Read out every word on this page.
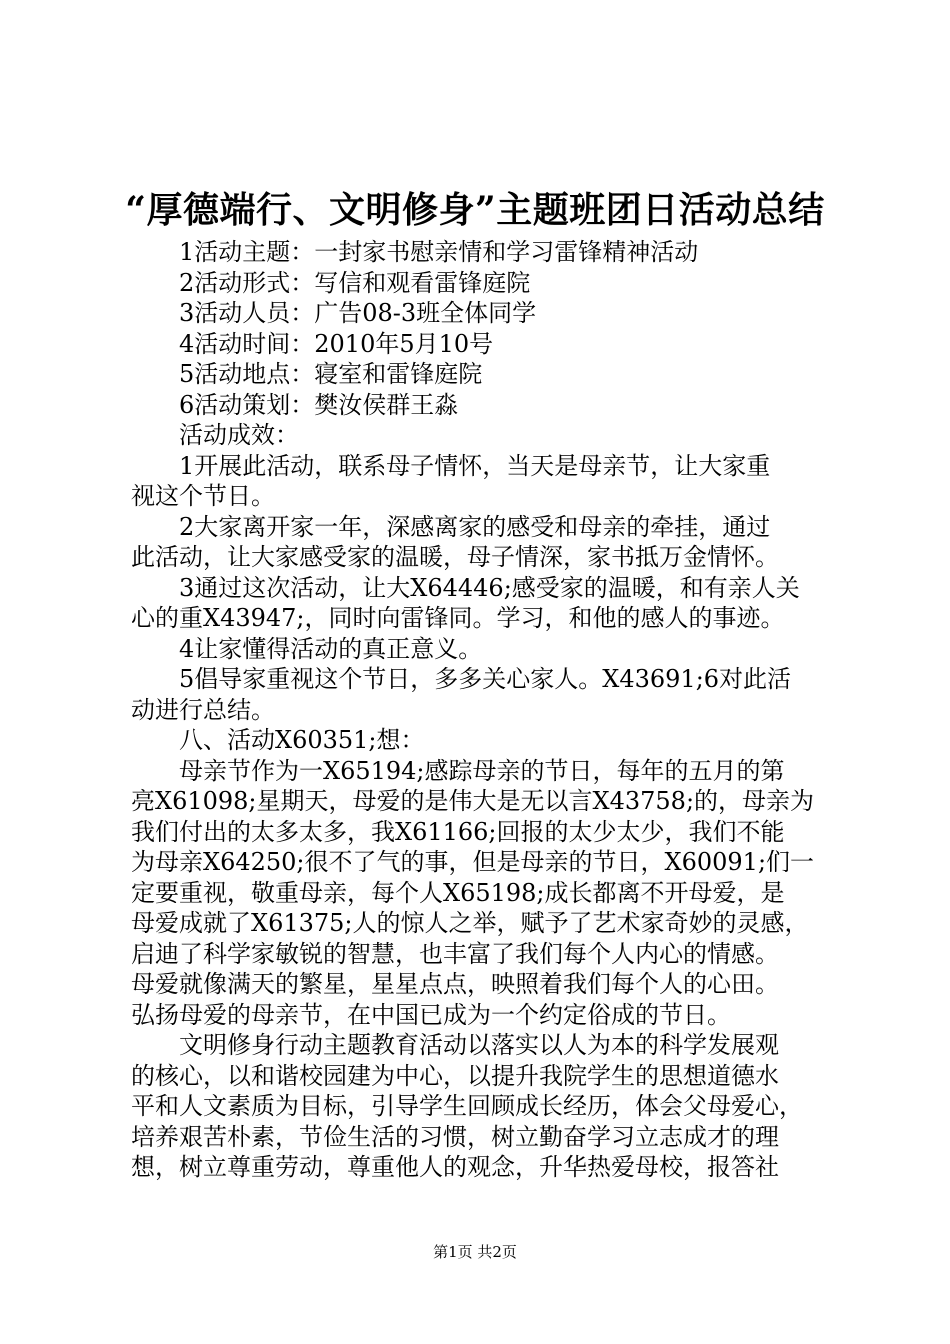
“厚德端行、文明修身”主题班团日活动总结
1活动主题：一封家书慰亲情和学习雷锋精神活动
2活动形式：写信和观看雷锋庭院
3活动人员：广告08-3班全体同学
4活动时间：2010年5月10号
5活动地点：寝室和雷锋庭院
6活动策划：樊汝侯群王淼
活动成效：
1开展此活动，联系母子情怀，当天是母亲节，让大家重
视这个节日。
2大家离开家一年，深感离家的感受和母亲的牵挂，通过
此活动，让大家感受家的温暖，母子情深，家书抵万金情怀。
3通过这次活动，让大X64446;感受家的温暖，和有亲人关
心的重X43947;，同时向雷锋同。学习，和他的感人的事迹。
4让家懂得活动的真正意义。
5倡导家重视这个节日，多多关心家人。X43691;6对此活
动进行总结。
八、活动X60351;想：
母亲节作为一X65194;感踪母亲的节日，每年的五月的第
亮X61098;星期天，母爱的是伟大是无以言X43758;的，母亲为
我们付出的太多太多，我X61166;回报的太少太少，我们不能
为母亲X64250;很不了气的事，但是母亲的节日，X60091;们一
定要重视，敬重母亲，每个人X65198;成长都离不开母爱，是
母爱成就了X61375;人的惊人之举，赋予了艺术家奇妙的灵感，
启迪了科学家敏锐的智慧，也丰富了我们每个人内心的情感。
母爱就像满天的繁星，星星点点，映照着我们每个人的心田。
弘扬母爱的母亲节，在中国已成为一个约定俗成的节日。
文明修身行动主题教育活动以落实以人为本的科学发展观
的核心，以和谐校园建为中心，以提升我院学生的思想道德水
平和人文素质为目标，引导学生回顾成长经历，体会父母爱心，
培养艰苦朴素，节俭生活的习惯，树立勤奋学习立志成才的理
想，树立尊重劳动，尊重他人的观念，升华热爱母校，报答社
第1页 共2页
